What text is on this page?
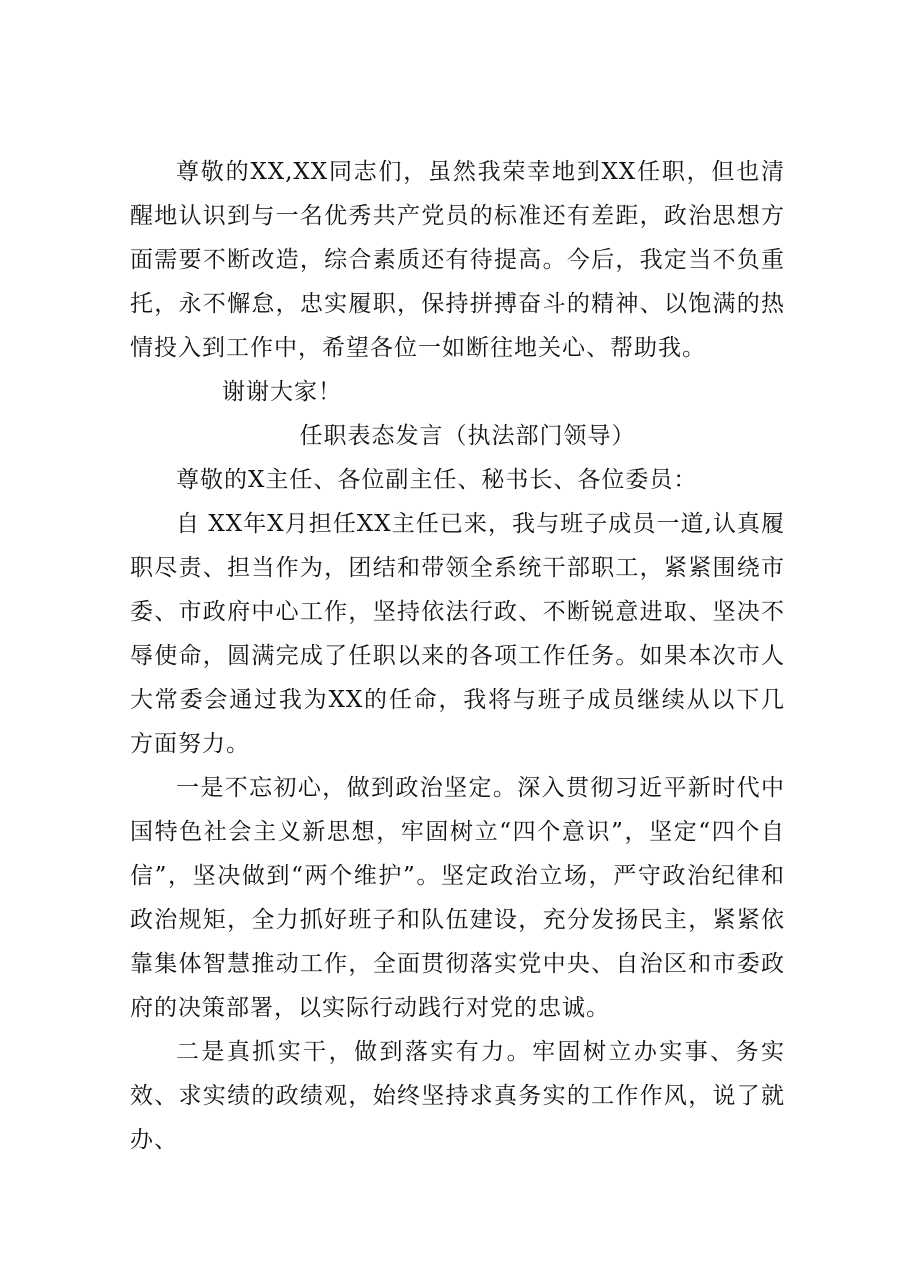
尊敬的XX,XX同志们，虽然我荣幸地到XX任职，但也清醒地认识到与一名优秀共产党员的标准还有差距，政治思想方面需要不断改造，综合素质还有待提高。今后，我定当不负重托，永不懈怠，忠实履职，保持拼搏奋斗的精神、以饱满的热情投入到工作中，希望各位一如断往地关心、帮助我。

谢谢大家！

任职表态发言（执法部门领导）

尊敬的X主任、各位副主任、秘书长、各位委员：

自 XX年X月担任XX主任已来，我与班子成员一道,认真履职尽责、担当作为，团结和带领全系统干部职工，紧紧围绕市委、市政府中心工作，坚持依法行政、不断锐意进取、坚决不辱使命，圆满完成了任职以来的各项工作任务。如果本次市人大常委会通过我为XX的任命，我将与班子成员继续从以下几方面努力。

一是不忘初心，做到政治坚定。深入贯彻习近平新时代中国特色社会主义新思想，牢固树立“四个意识”，坚定“四个自信”，坚决做到“两个维护”。坚定政治立场，严守政治纪律和政治规矩，全力抓好班子和队伍建设，充分发扬民主，紧紧依靠集体智慧推动工作，全面贯彻落实党中央、自治区和市委政府的决策部署，以实际行动践行对党的忠诚。

二是真抓实干，做到落实有力。牢固树立办实事、务实效、求实绩的政绩观，始终坚持求真务实的工作作风，说了就办、
